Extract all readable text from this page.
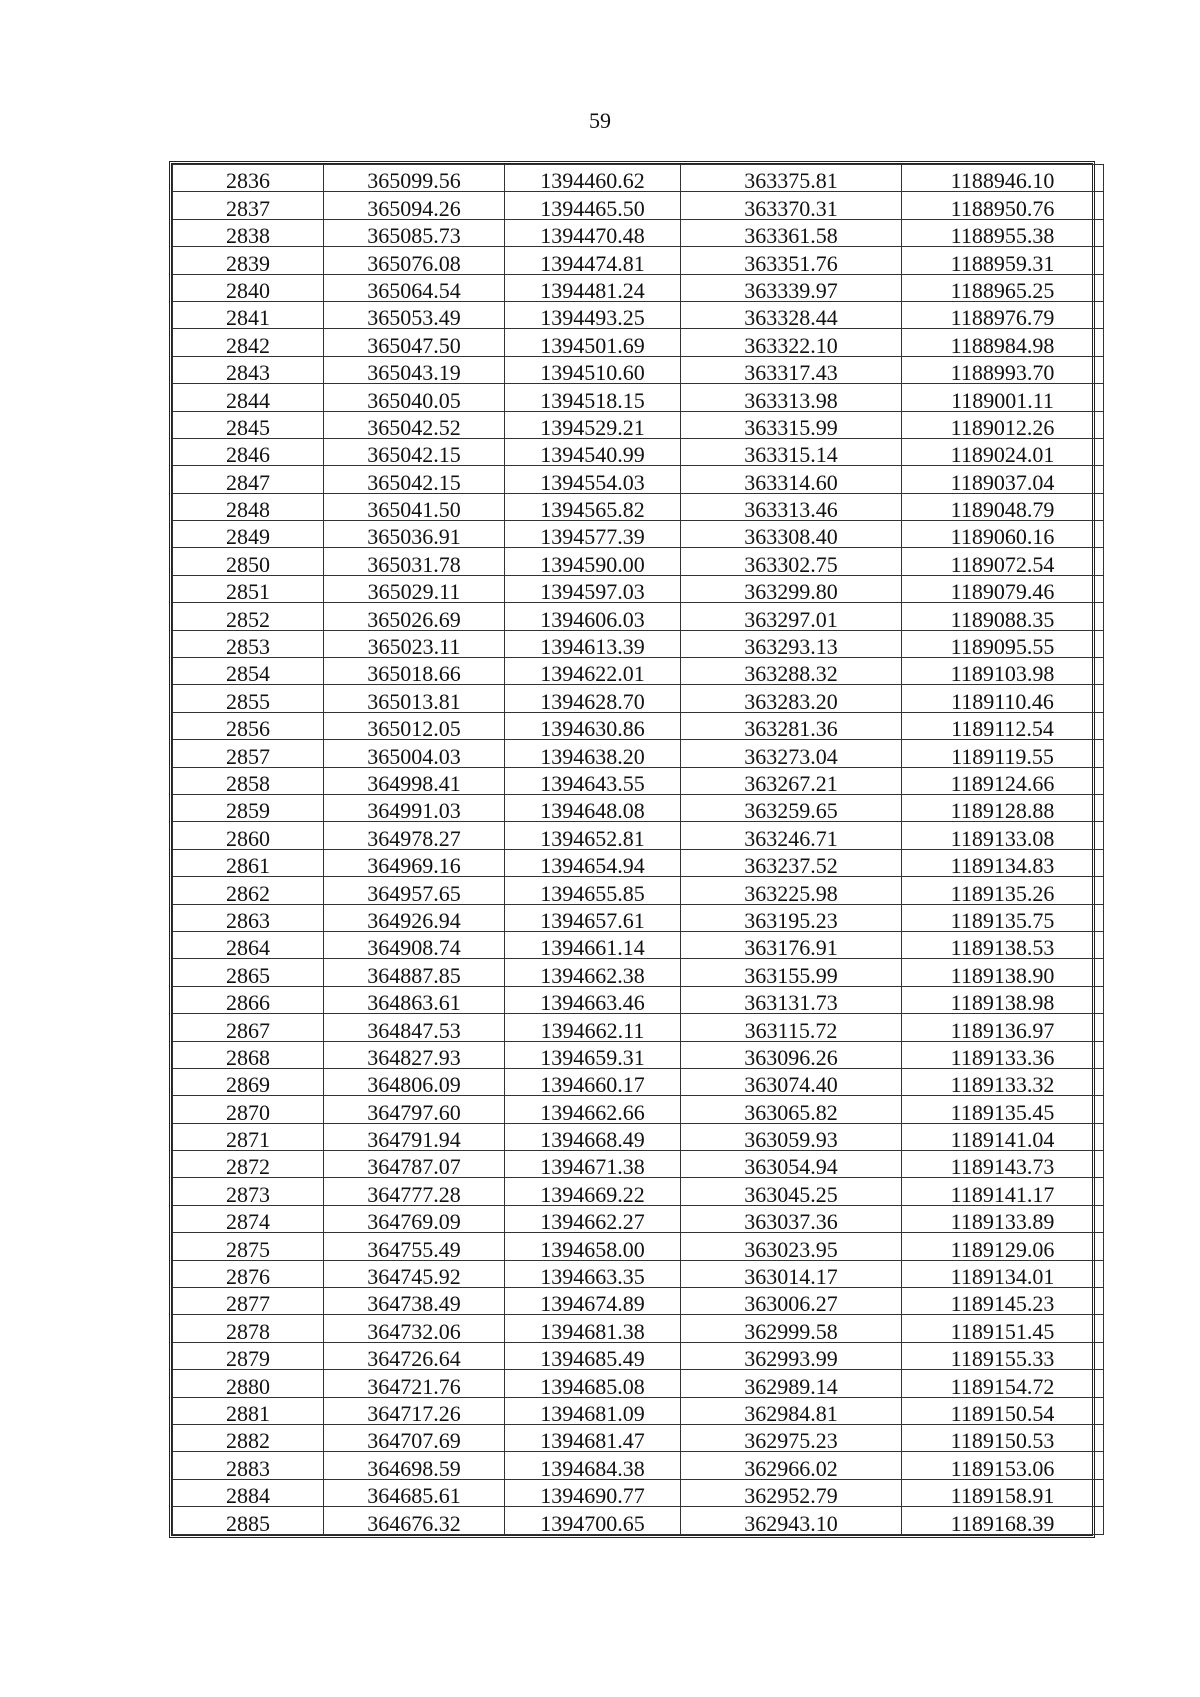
59
2836	365099.56	1394460.62	363375.81	1188946.10
2837	365094.26	1394465.50	363370.31	1188950.76
2838	365085.73	1394470.48	363361.58	1188955.38
2839	365076.08	1394474.81	363351.76	1188959.31
2840	365064.54	1394481.24	363339.97	1188965.25
2841	365053.49	1394493.25	363328.44	1188976.79
2842	365047.50	1394501.69	363322.10	1188984.98
2843	365043.19	1394510.60	363317.43	1188993.70
2844	365040.05	1394518.15	363313.98	1189001.11
2845	365042.52	1394529.21	363315.99	1189012.26
2846	365042.15	1394540.99	363315.14	1189024.01
2847	365042.15	1394554.03	363314.60	1189037.04
2848	365041.50	1394565.82	363313.46	1189048.79
2849	365036.91	1394577.39	363308.40	1189060.16
2850	365031.78	1394590.00	363302.75	1189072.54
2851	365029.11	1394597.03	363299.80	1189079.46
2852	365026.69	1394606.03	363297.01	1189088.35
2853	365023.11	1394613.39	363293.13	1189095.55
2854	365018.66	1394622.01	363288.32	1189103.98
2855	365013.81	1394628.70	363283.20	1189110.46
2856	365012.05	1394630.86	363281.36	1189112.54
2857	365004.03	1394638.20	363273.04	1189119.55
2858	364998.41	1394643.55	363267.21	1189124.66
2859	364991.03	1394648.08	363259.65	1189128.88
2860	364978.27	1394652.81	363246.71	1189133.08
2861	364969.16	1394654.94	363237.52	1189134.83
2862	364957.65	1394655.85	363225.98	1189135.26
2863	364926.94	1394657.61	363195.23	1189135.75
2864	364908.74	1394661.14	363176.91	1189138.53
2865	364887.85	1394662.38	363155.99	1189138.90
2866	364863.61	1394663.46	363131.73	1189138.98
2867	364847.53	1394662.11	363115.72	1189136.97
2868	364827.93	1394659.31	363096.26	1189133.36
2869	364806.09	1394660.17	363074.40	1189133.32
2870	364797.60	1394662.66	363065.82	1189135.45
2871	364791.94	1394668.49	363059.93	1189141.04
2872	364787.07	1394671.38	363054.94	1189143.73
2873	364777.28	1394669.22	363045.25	1189141.17
2874	364769.09	1394662.27	363037.36	1189133.89
2875	364755.49	1394658.00	363023.95	1189129.06
2876	364745.92	1394663.35	363014.17	1189134.01
2877	364738.49	1394674.89	363006.27	1189145.23
2878	364732.06	1394681.38	362999.58	1189151.45
2879	364726.64	1394685.49	362993.99	1189155.33
2880	364721.76	1394685.08	362989.14	1189154.72
2881	364717.26	1394681.09	362984.81	1189150.54
2882	364707.69	1394681.47	362975.23	1189150.53
2883	364698.59	1394684.38	362966.02	1189153.06
2884	364685.61	1394690.77	362952.79	1189158.91
2885	364676.32	1394700.65	362943.10	1189168.39
